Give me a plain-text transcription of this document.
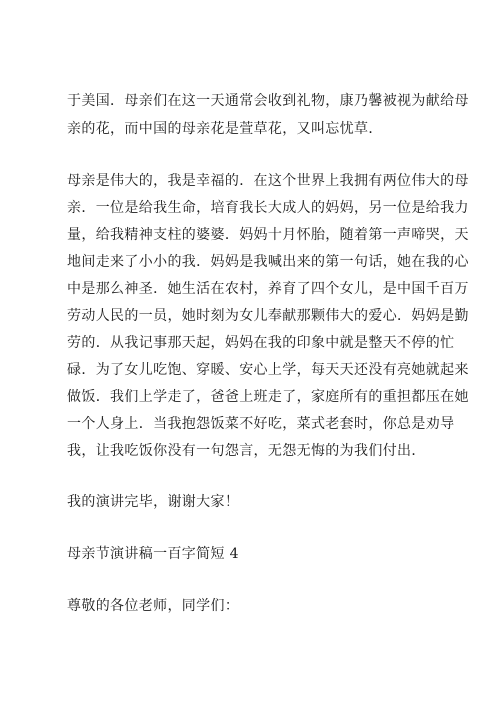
于美国．母亲们在这一天通常会收到礼物，康乃馨被视为献给母
亲的花，而中国的母亲花是萱草花，又叫忘忧草．
母亲是伟大的，我是幸福的．在这个世界上我拥有两位伟大的母
亲．一位是给我生命，培育我长大成人的妈妈，另一位是给我力
量，给我精神支柱的婆婆．妈妈十月怀胎，随着第一声啼哭，天
地间走来了小小的我．妈妈是我喊出来的第一句话，她在我的心
中是那么神圣．她生活在农村，养育了四个女儿，是中国千百万
劳动人民的一员，她时刻为女儿奉献那颗伟大的爱心．妈妈是勤
劳的．从我记事那天起，妈妈在我的印象中就是整天不停的忙
碌．为了女儿吃饱、穿暖、安心上学，每天天还没有亮她就起来
做饭．我们上学走了，爸爸上班走了，家庭所有的重担都压在她
一个人身上．当我抱怨饭菜不好吃，菜式老套时，你总是劝导
我，让我吃饭你没有一句怨言，无怨无悔的为我们付出．
我的演讲完毕，谢谢大家！
母亲节演讲稿一百字简短 4
尊敬的各位老师，同学们：
